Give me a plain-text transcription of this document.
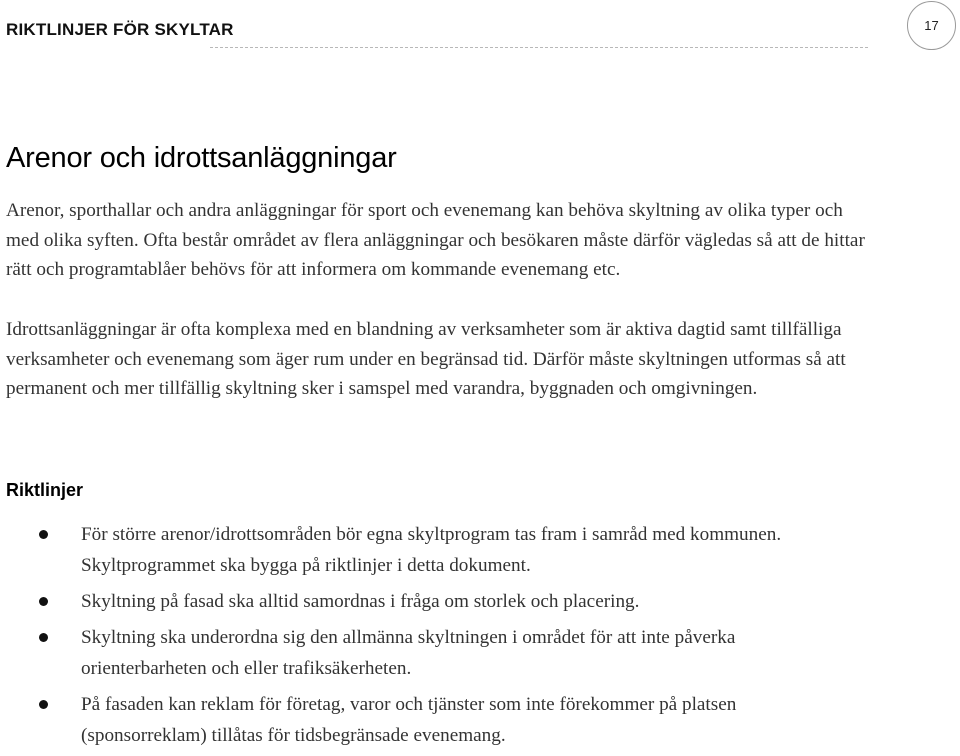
RIKTLINJER FÖR SKYLTAR	17
Arenor och idrottsanläggningar

Arenor, sporthallar och andra anläggningar för sport och evenemang kan behöva skyltning av olika typer och med olika syften. Ofta består området av flera anläggningar och besökaren måste därför vägledas så att de hittar rätt och programtablåer behövs för att informera om kommande evenemang etc.

Idrottsanläggningar är ofta komplexa med en blandning av verksamheter som är aktiva dagtid samt tillfälliga verksamheter och evenemang som äger rum under en begränsad tid. Därför måste skyltningen utformas så att permanent och mer tillfällig skyltning sker i samspel med varandra, byggnaden och omgivningen.

Riktlinjer
För större arenor/idrottsområden bör egna skyltprogram tas fram i samråd med kommunen. Skyltprogrammet ska bygga på riktlinjer i detta dokument.
Skyltning på fasad ska alltid samordnas i fråga om storlek och placering.
Skyltning ska underordna sig den allmänna skyltningen i området för att inte påverka orienterbarheten och eller trafiksäkerheten.
På fasaden kan reklam för företag, varor och tjänster som inte förekommer på platsen (sponsorreklam) tillåtas för tidsbegränsade evenemang.
